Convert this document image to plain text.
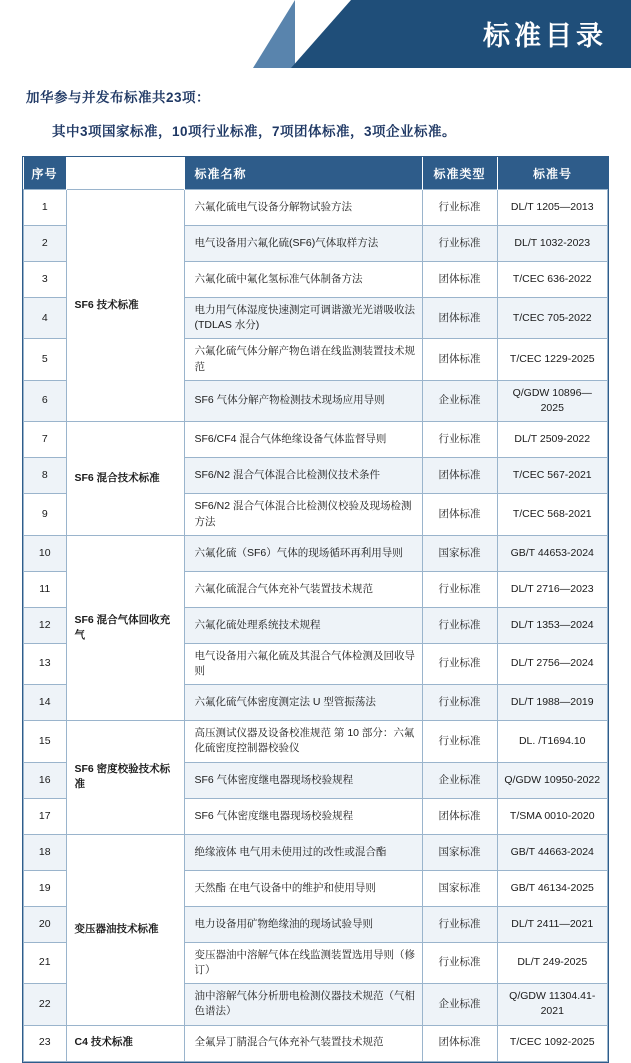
标准目录
加华参与并发布标准共23项：
其中3项国家标准，10项行业标准，7项团体标准，3项企业标准。
序号		标准名称	标准类型	标准号
1	SF6 技术标准	六氟化硫电气设备分解物试验方法	行业标准	DL/T 1205—2013
2		电气设备用六氟化硫(SF6)气体取样方法	行业标准	DL/T 1032-2023
3		六氟化硫中氟化氢标准气体制备方法	团体标准	T/CEC 636-2022
4		电力用气体湿度快速测定可调谐激光光谱吸收法 (TDLAS 水分)	团体标准	T/CEC 705-2022
5		六氟化硫气体分解产物色谱在线监测装置技术规范	团体标准	T/CEC 1229-2025
6		SF6 气体分解产物检测技术现场应用导则	企业标准	Q/GDW 10896—2025
7	SF6 混合技术标准	SF6/CF4 混合气体绝缘设备气体监督导则	行业标准	DL/T 2509-2022
8		SF6/N2 混合气体混合比检测仪技术条件	团体标准	T/CEC 567-2021
9		SF6/N2 混合气体混合比检测仪校验及现场检测方法	团体标准	T/CEC 568-2021
10	SF6 混合气体回收充气	六氟化硫（SF6）气体的现场循环再利用导则	国家标准	GB/T 44653-2024
11		六氟化硫混合气体充补气装置技术规范	行业标准	DL/T 2716—2023
12		六氟化硫处理系统技术规程	行业标准	DL/T 1353—2024
13		电气设备用六氟化硫及其混合气体检测及回收导则	行业标准	DL/T 2756—2024
14		六氟化硫气体密度测定法 U 型管振荡法	行业标准	DL/T 1988—2019
15	SF6 密度校验技术标准	高压测试仪器及设备校准规范 第 10 部分：六氟化硫密度控制器校验仪	行业标准	DL. /T1694.10
16		SF6 气体密度继电器现场校验规程	企业标准	Q/GDW 10950-2022
17		SF6 气体密度继电器现场校验规程	团体标准	T/SMA 0010-2020
18	变压器油技术标准	绝缘液体 电气用未使用过的改性或混合酯	国家标准	GB/T 44663-2024
19		天然酯 在电气设备中的维护和使用导则	国家标准	GB/T 46134-2025
20		电力设备用矿物绝缘油的现场试验导则	行业标准	DL/T 2411—2021
21		变压器油中溶解气体在线监测装置选用导则（修订）	行业标准	DL/T 249-2025
22		油中溶解气体分析册电检测仪器技术规范（气相色谱法）	企业标准	Q/GDW 11304.41-2021
23	C4 技术标准	全氟异丁腈混合气体充补气装置技术规范	团体标准	T/CEC 1092-2025
